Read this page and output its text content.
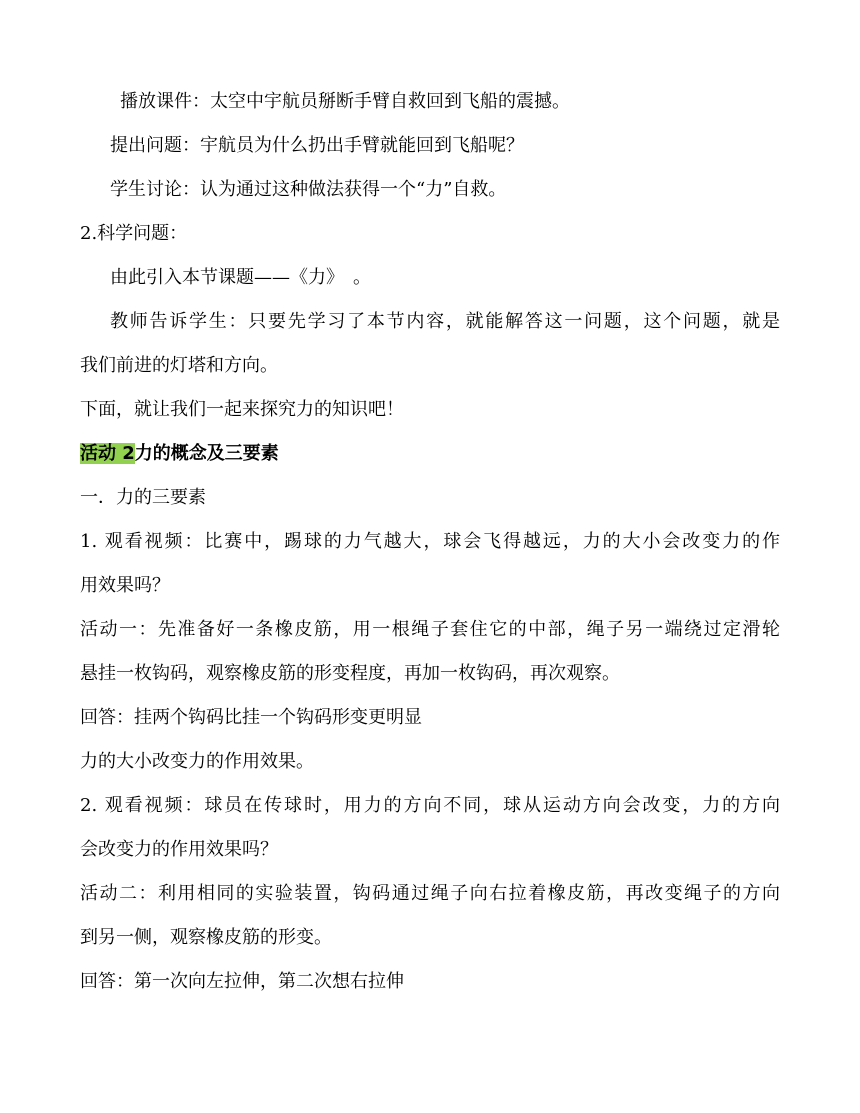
播放课件：太空中宇航员掰断手臂自救回到飞船的震撼。
提出问题：宇航员为什么扔出手臂就能回到飞船呢？
学生讨论：认为通过这种做法获得一个“力”自救。
2.科学问题：
由此引入本节课题——《力》　。
教师告诉学生：只要先学习了本节内容，就能解答这一问题，这个问题，就是
我们前进的灯塔和方向。
下面，就让我们一起来探究力的知识吧！
活动 2力的概念及三要素
一．力的三要素
1. 观看视频：比赛中，踢球的力气越大，球会飞得越远，力的大小会改变力的作
用效果吗？
活动一：先准备好一条橡皮筋，用一根绳子套住它的中部，绳子另一端绕过定滑轮
悬挂一枚钩码，观察橡皮筋的形变程度，再加一枚钩码，再次观察。
回答：挂两个钩码比挂一个钩码形变更明显
力的大小改变力的作用效果。
2. 观看视频：球员在传球时，用力的方向不同，球从运动方向会改变，力的方向
会改变力的作用效果吗？
活动二：利用相同的实验装置，钩码通过绳子向右拉着橡皮筋，再改变绳子的方向
到另一侧，观察橡皮筋的形变。
回答：第一次向左拉伸，第二次想右拉伸
